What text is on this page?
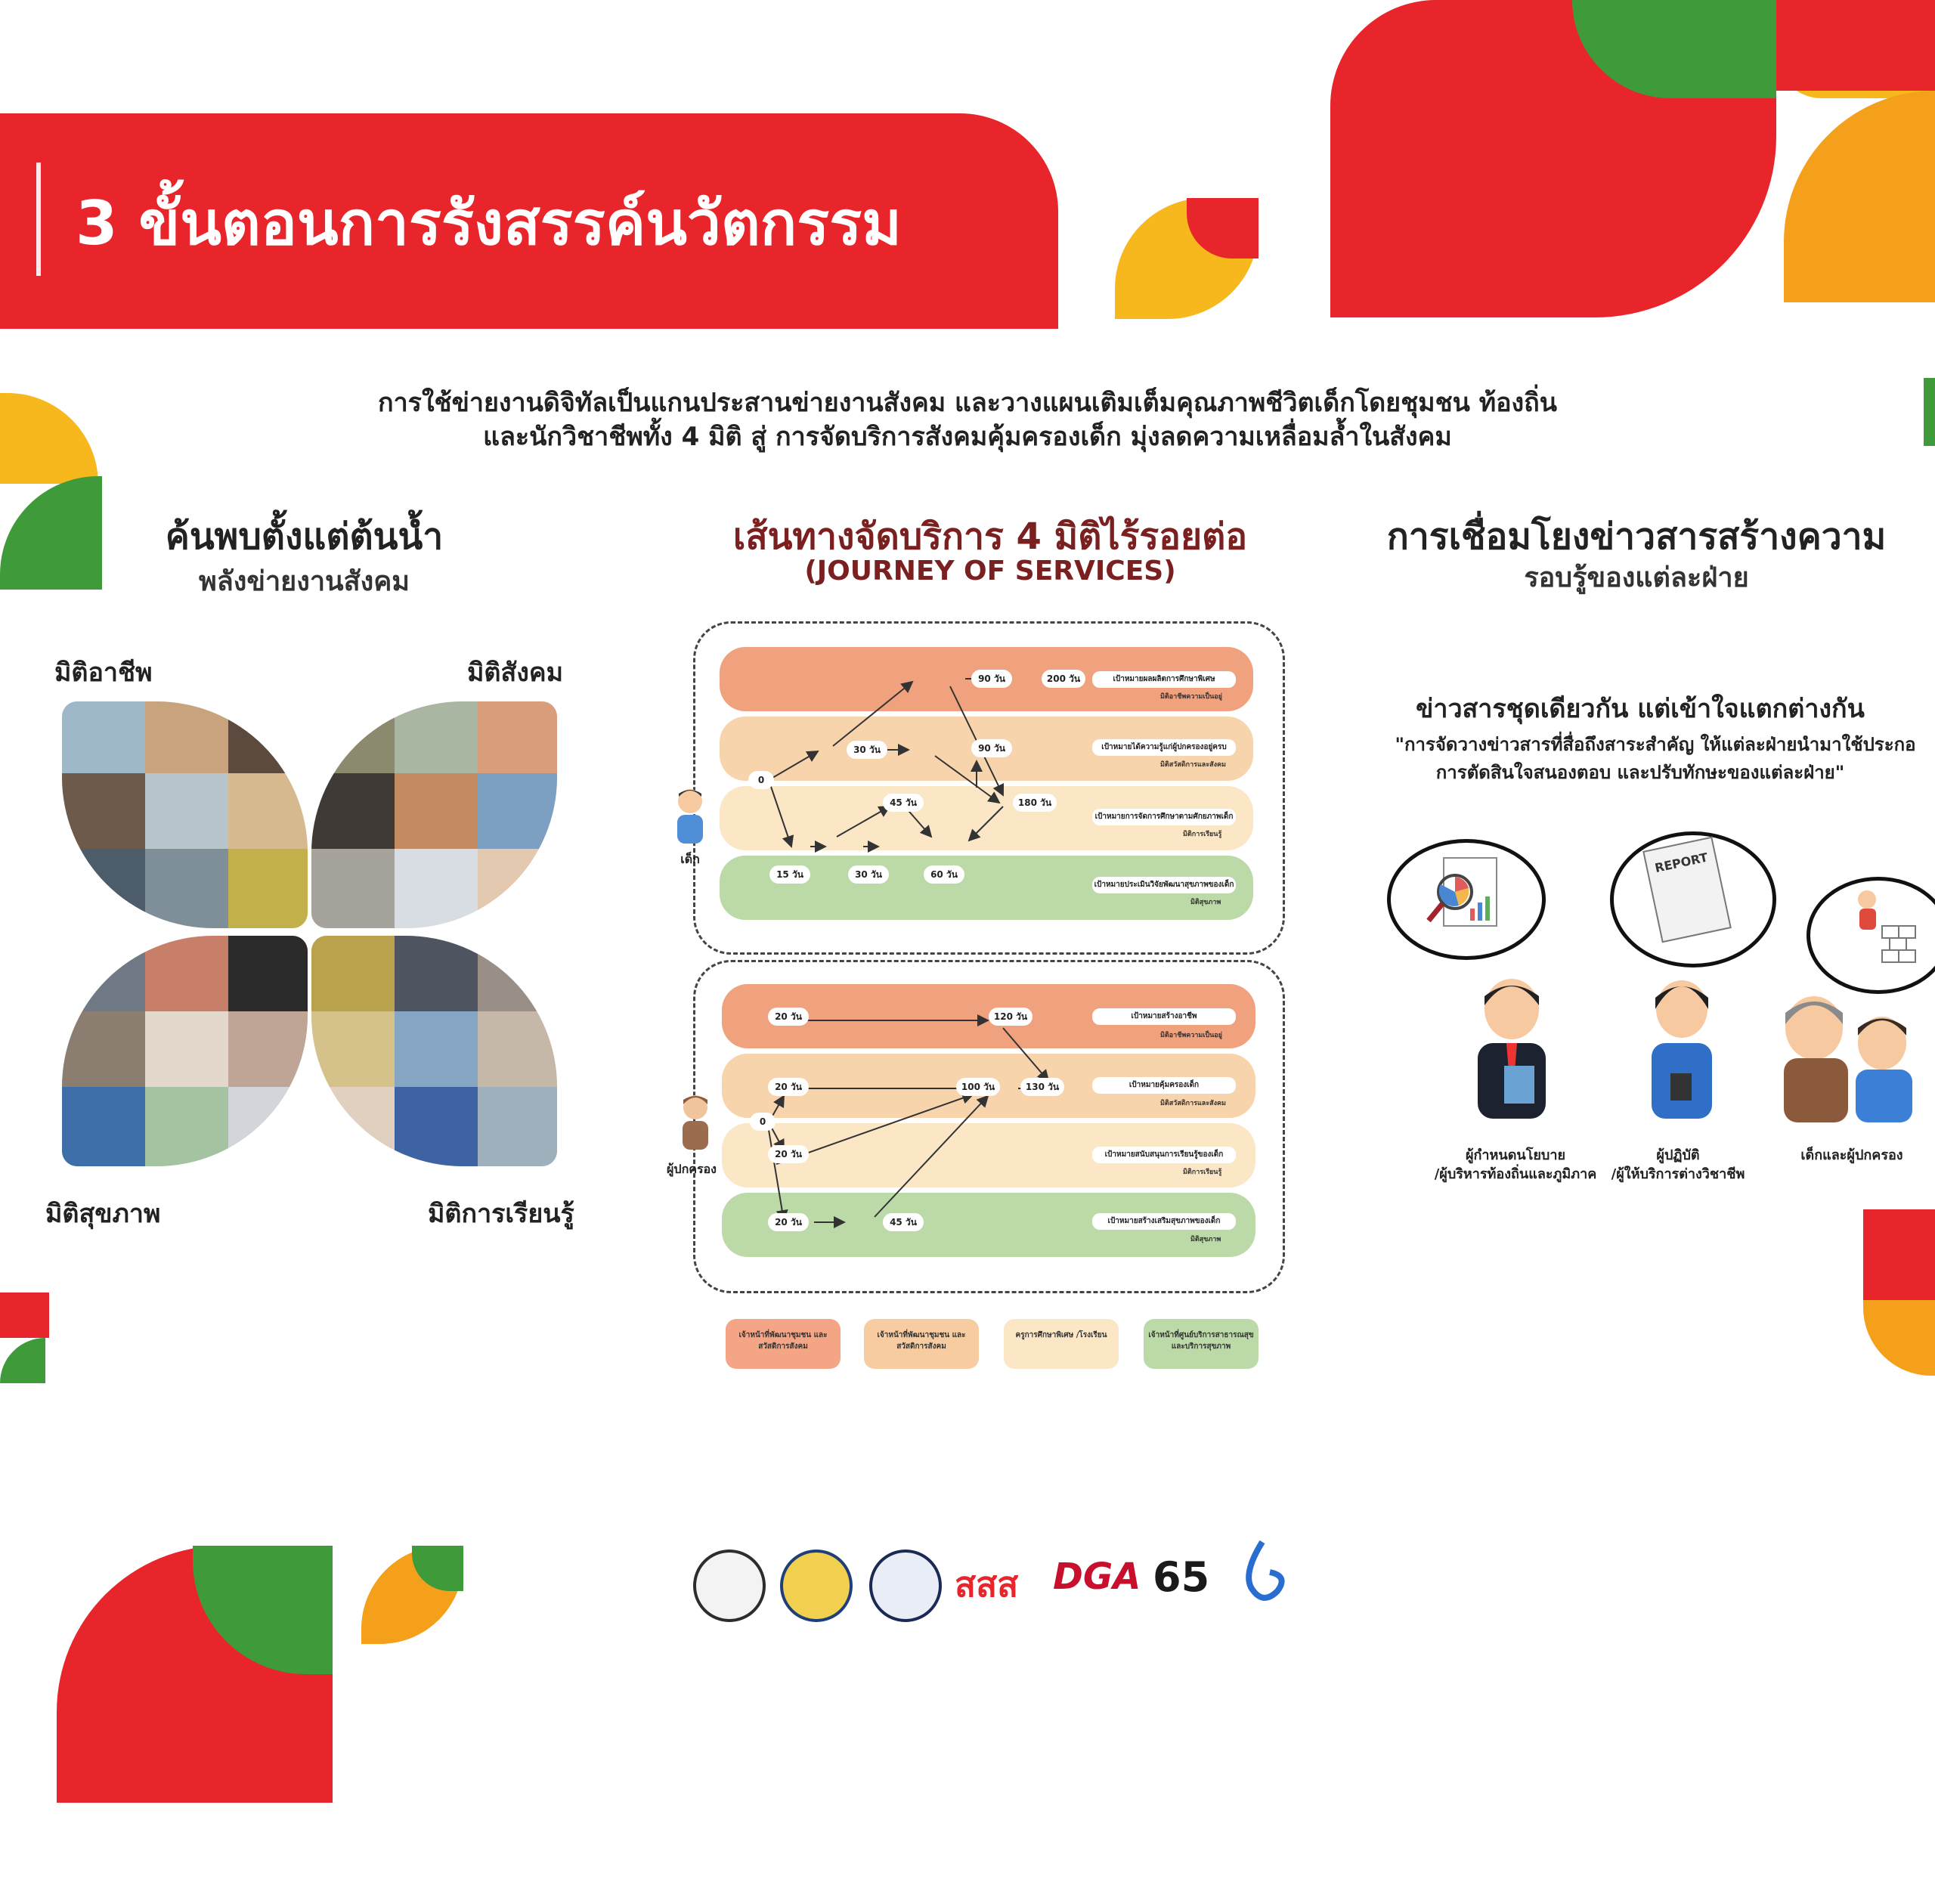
3 ขั้นตอนการรังสรรค์นวัตกรรม
การใช้ข่ายงานดิจิทัลเป็นแกนประสานข่ายงานสังคม และวางแผนเติมเต็มคุณภาพชีวิตเด็กโดยชุมชน ท้องถิ่น
และนักวิชาชีพทั้ง 4 มิติ สู่ การจัดบริการสังคมคุ้มครองเด็ก มุ่งลดความเหลื่อมล้ำในสังคม
ค้นพบตั้งแต่ต้นน้ำ
พลังข่ายงานสังคม
มิติอาชีพ	มิติสังคม
มิติสุขภาพ	มิติการเรียนรู้
เส้นทางจัดบริการ 4 มิติไร้รอยต่อ
(JOURNEY OF SERVICES)
0
30 วัน
90 วัน	200 วัน
90 วัน
45 วัน	180 วัน
15 วัน	30 วัน	60 วัน
เป้าหมายผลผลิตการศึกษาพิเศษ
มิติอาชีพความเป็นอยู่
เป้าหมายได้ความรู้แก่ผู้ปกครองอยู่ครบ
มิติสวัสดิการและสังคม
เป้าหมายการจัดการศึกษาตามศักยภาพเด็ก
มิติการเรียนรู้
เป้าหมายประเมินวิจัยพัฒนาสุขภาพของเด็ก
มิติสุขภาพ
เด็ก
20 วัน	120 วัน
20 วัน	100 วัน	130 วัน
0
20 วัน
20 วัน	45 วัน
เป้าหมายสร้างอาชีพ
มิติอาชีพความเป็นอยู่
เป้าหมายคุ้มครองเด็ก
มิติสวัสดิการและสังคม
เป้าหมายสนับสนุนการเรียนรู้ของเด็ก
มิติการเรียนรู้
เป้าหมายสร้างเสริมสุขภาพของเด็ก
มิติสุขภาพ
ผู้ปกครอง
เจ้าหน้าที่พัฒนาชุมชน และสวัสดิการสังคม
เจ้าหน้าที่พัฒนาชุมชน และสวัสดิการสังคม
ครูการศึกษาพิเศษ /โรงเรียน	เจ้าหน้าที่ศูนย์บริการสาธารณสุข และบริการสุขภาพ
การเชื่อมโยงข่าวสารสร้างความ
รอบรู้ของแต่ละฝ่าย
ข่าวสารชุดเดียวกัน แต่เข้าใจแตกต่างกัน
"การจัดวางข่าวสารที่สื่อถึงสาระสำคัญ ให้แต่ละฝ่ายนำมาใช้ประกอ
การตัดสินใจสนองตอบ และปรับทักษะของแต่ละฝ่าย"
REPORT
ผู้กำหนดนโยบาย
/ผู้บริหารท้องถิ่นและภูมิภาค
ผู้ปฏิบัติ
/ผู้ให้บริการต่างวิชาชีพ
เด็กและผู้ปกครอง
สสส DGA 65
